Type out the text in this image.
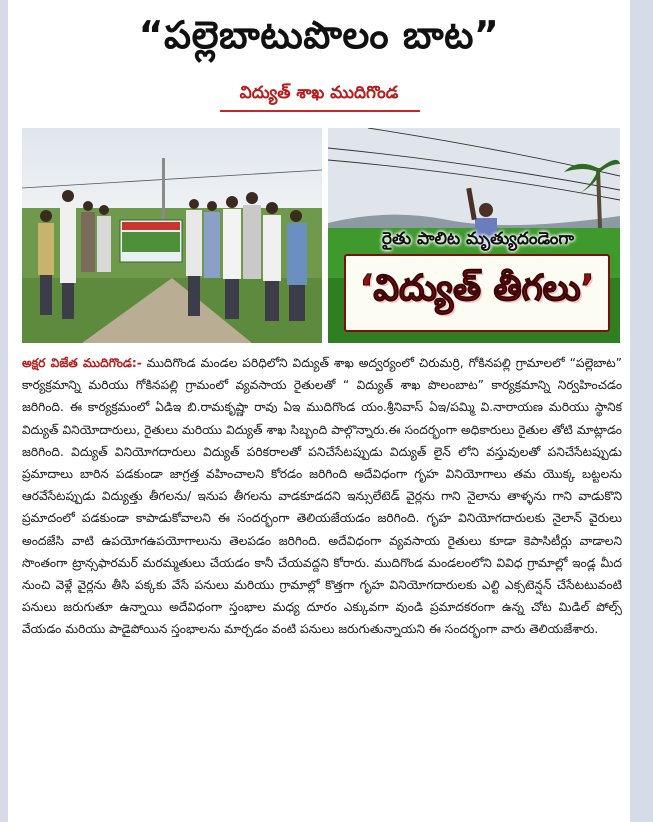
“పల్లెబాటుపొలం బాట”
విద్యుత్ శాఖ ముదిగొండ
రైతు పాలిట మృత్యుదండెంగా
‘విద్యుత్ తీగలు’
అక్షర విజేత ముదిగొండ:- ముదిగొండ మండల పరిధిలోని విద్యుత్ శాఖ అద్వర్యంలో చిరుమర్రి, గోకినపల్లి గ్రామాలలో “పల్లెబాట” కార్యక్రమాన్ని మరియు గోకినపల్లి గ్రామంలో వ్యవసాయ రైతులతో “ విద్యుత్ శాఖ పొలంబాట” కార్యక్రమాన్ని నిర్వహించడం జరిగింది. ఈ కార్యక్రమంలో ఏడిఇ బి.రామకృష్ణా రావు ఏఇ ముదిగొండ యం.శ్రీనివాస్ ఏఇ/పమ్మి వి.నారాయణ మరియు స్థానిక విద్యుత్ వినియోదారులు, రైతులు మరియు విద్యుత్ శాఖ సిబ్బంది పాల్గొన్నారు.ఈ సందర్భంగా అధికారులు రైతుల తోటి మాట్లాడం జరిగింది. విద్యుత్ వినియోగదారులు విద్యుత్ పరికరాలతో పనిచేసేటప్పుడు విద్యుత్ లైన్ లోని వస్తువులతో పనిచేసేటప్పుడు ప్రమాదాలు బారిన పడకుండా జాగ్రత్త వహించాలని కోరడం జరిగింది అదేవిధంగా గృహ వినియోగాలు తమ యొక్క బట్టలను ఆరవేసేటప్పుడు విద్యుత్తు తీగలను/ ఇనుప తీగలను వాడకూడదని ఇన్సులేటెడ్ వైర్లను గాని నైలాను తాళ్ళను గాని వాడుకొని ప్రమాదంలో పడకుండా కాపాడుకోవాలని ఈ సందర్భంగా తెలియజేయడం జరిగింది. గృహ వినియోగదారులకు నైలాన్ వైరులు అందజేసి వాటి ఉపయోగఉపయోగాలును తెలపడం జరిగింది. అదేవిధంగా వ్యవసాయ రైతులు కూడా కెపాసిటీర్లు వాడాలని సొంతంగా ట్రాన్సఫారమర్ మరమ్మతులు చేయడం కానీ చేయవద్దని కోరారు. ముదిగొండ మండలంలోని వివిధ గ్రామాల్లో ఇండ్ల మీద నుంచి వెళ్లే వైర్లను తీసి పక్కకు వేసే పనులు మరియు గ్రామాల్లో కొత్తగా గృహ వినియోగదారులకు ఎల్టి ఎక్సటెన్షన్ చేసేటటువంటి పనులు జరుగుతూ ఉన్నాయి అదేవిధంగా స్తంభాల మధ్య దూరం ఎక్కువగా వుండి ప్రమాదకరంగా ఉన్న చోట మిడిల్ పోల్స్ వేయడం మరియు పాడైపోయిన స్తంభాలను మార్చడం వంటి పనులు జరుగుతున్నాయని ఈ సందర్భంగా వారు తెలియజేశారు.
